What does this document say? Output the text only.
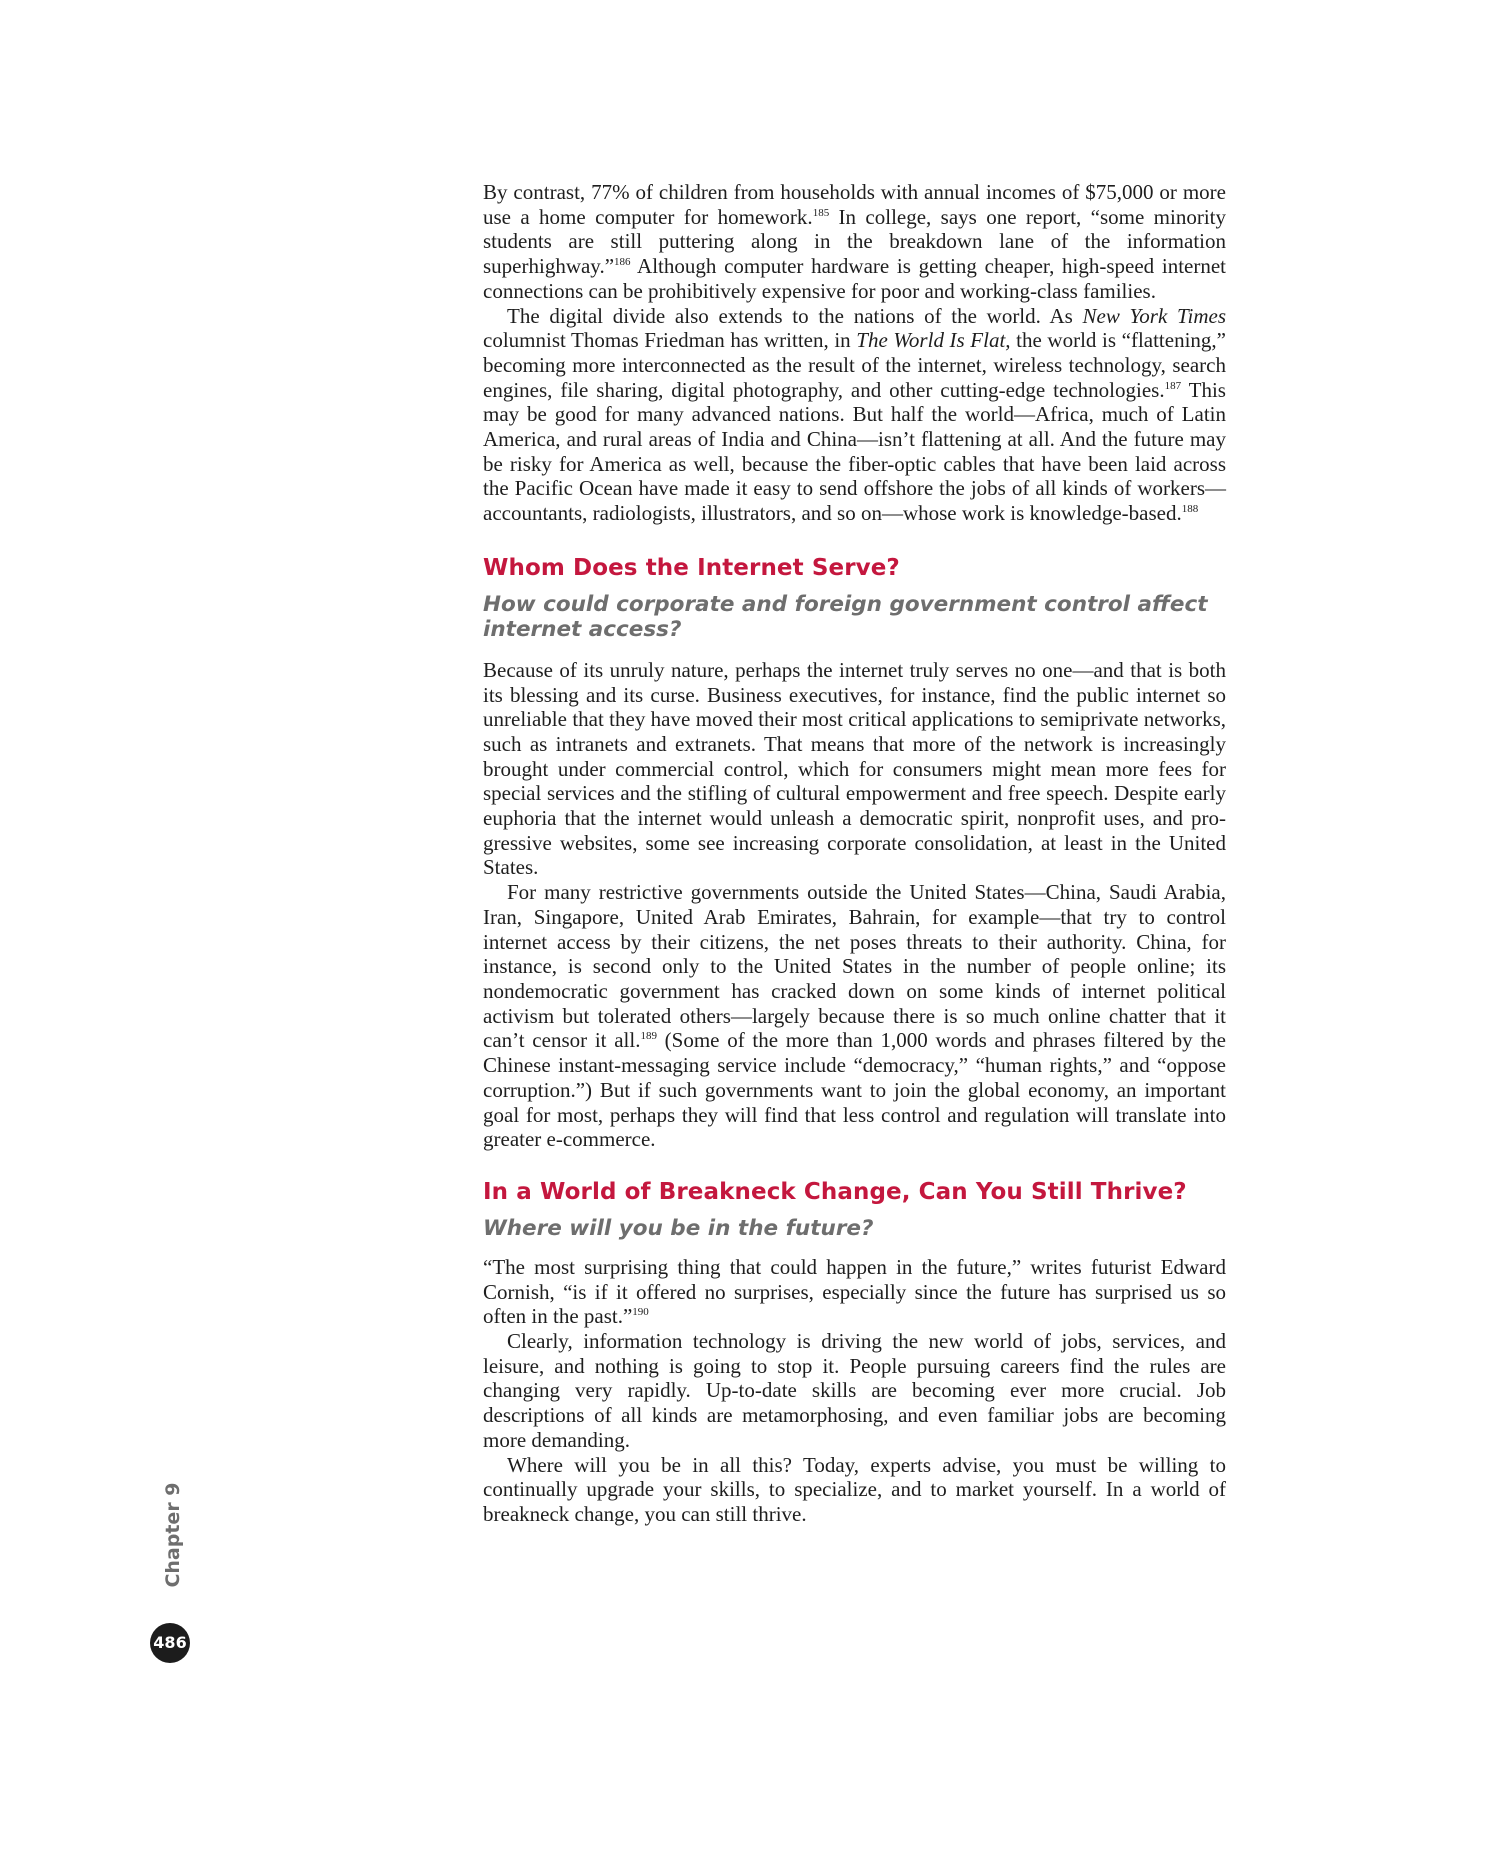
By contrast, 77% of children from households with annual incomes of $75,000 or more use a home computer for homework.$^{185}$ In college, says one report, “some minority students are still puttering along in the breakdown lane of the information superhighway.”$^{186}$ Although computer hardware is getting cheaper, high-speed internet connections can be prohibitively expensive for poor and working-class families.

The digital divide also extends to the nations of the world. As New York Times columnist Thomas Friedman has written, in The World Is Flat, the world is “flattening,” becoming more interconnected as the result of the internet, wireless technology, search engines, file sharing, digital photography, and other cutting-edge technologies.$^{187}$ This may be good for many advanced nations. But half the world—Africa, much of Latin America, and rural areas of India and China—isn’t flattening at all. And the future may be risky for America as well, because the fiber-optic cables that have been laid across the Pacific Ocean have made it easy to send offshore the jobs of all kinds of workers—accountants, radiologists, illustrators, and so on—whose work is knowledge-based.$^{188}$

Whom Does the Internet Serve?
How could corporate and foreign government control affect internet access?

Because of its unruly nature, perhaps the internet truly serves no one—and that is both its blessing and its curse. Business executives, for instance, find the public internet so unreliable that they have moved their most critical applications to semiprivate networks, such as intranets and extranets. That means that more of the network is increasingly brought under commercial control, which for consumers might mean more fees for special services and the stifling of cultural empowerment and free speech. Despite early euphoria that the internet would unleash a democratic spirit, nonprofit uses, and progressive websites, some see increasing corporate consolidation, at least in the United States.

For many restrictive governments outside the United States—China, Saudi Arabia, Iran, Singapore, United Arab Emirates, Bahrain, for example—that try to control internet access by their citizens, the net poses threats to their authority. China, for instance, is second only to the United States in the number of people online; its nondemocratic government has cracked down on some kinds of internet political activism but tolerated others—largely because there is so much online chatter that it can’t censor it all.$^{189}$ (Some of the more than 1,000 words and phrases filtered by the Chinese instant-messaging service include “democracy,” “human rights,” and “oppose corruption.”) But if such governments want to join the global economy, an important goal for most, perhaps they will find that less control and regulation will translate into greater e-commerce.

In a World of Breakneck Change, Can You Still Thrive?
Where will you be in the future?

“The most surprising thing that could happen in the future,” writes futurist Edward Cornish, “is if it offered no surprises, especially since the future has surprised us so often in the past.”$^{190}$

Clearly, information technology is driving the new world of jobs, services, and leisure, and nothing is going to stop it. People pursuing careers find the rules are changing very rapidly. Up-to-date skills are becoming ever more crucial. Job descriptions of all kinds are metamorphosing, and even familiar jobs are becoming more demanding.

Where will you be in all this? Today, experts advise, you must be willing to continually upgrade your skills, to specialize, and to market yourself. In a world of breakneck change, you can still thrive.

Chapter 9
486
